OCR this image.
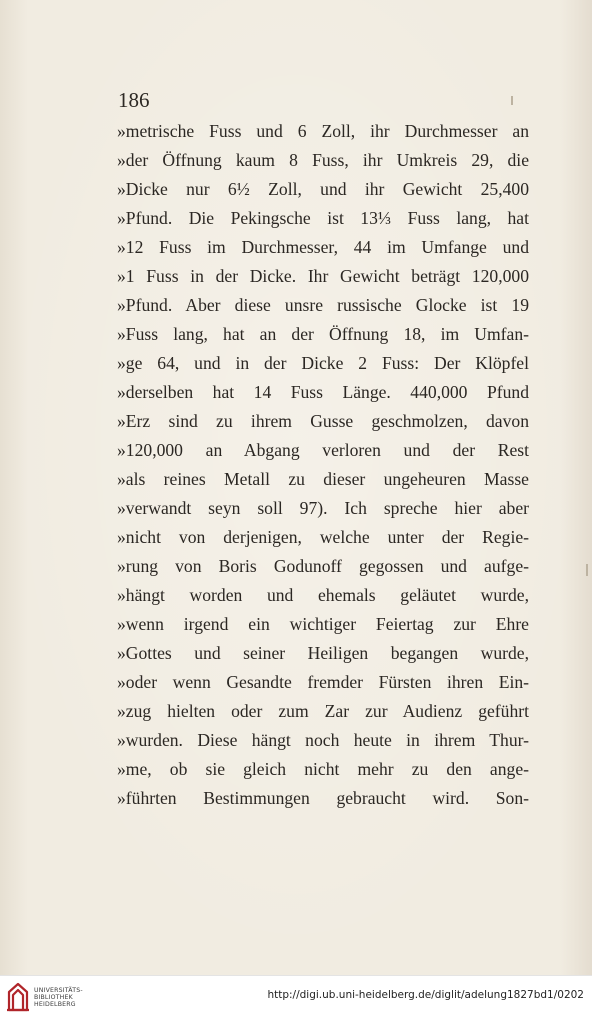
186

»metrische Fuss und 6 Zoll, ihr Durchmesser an
»der Öffnung kaum 8 Fuss, ihr Umkreis 29, die
»Dicke nur 6½ Zoll, und ihr Gewicht 25,400
»Pfund. Die Pekingsche ist 13⅓ Fuss lang, hat
»12 Fuss im Durchmesser, 44 im Umfange und
»1 Fuss in der Dicke. Ihr Gewicht beträgt 120,000
»Pfund. Aber diese unsre russische Glocke ist 19
»Fuss lang, hat an der Öffnung 18, im Umfan-
»ge 64, und in der Dicke 2 Fuss: Der Klöpfel
»derselben hat 14 Fuss Länge. 440,000 Pfund
»Erz sind zu ihrem Gusse geschmolzen, davon
»120,000 an Abgang verloren und der Rest
»als reines Metall zu dieser ungeheuren Masse
»verwandt seyn soll 97). Ich spreche hier aber
»nicht von derjenigen, welche unter der Regie-
»rung von Boris Godunoff gegossen und aufge-
»hängt worden und ehemals geläutet wurde,
»wenn irgend ein wichtiger Feiertag zur Ehre
»Gottes und seiner Heiligen begangen wurde,
»oder wenn Gesandte fremder Fürsten ihren Ein-
»zug hielten oder zum Zar zur Audienz geführt
»wurden. Diese hängt noch heute in ihrem Thur-
»me, ob sie gleich nicht mehr zu den ange-
»führten Bestimmungen gebraucht wird. Son-
UNIVERSITÄTS-
BIBLIOTHEK
HEIDELBERG
http://digi.ub.uni-heidelberg.de/diglit/adelung1827bd1/0202
